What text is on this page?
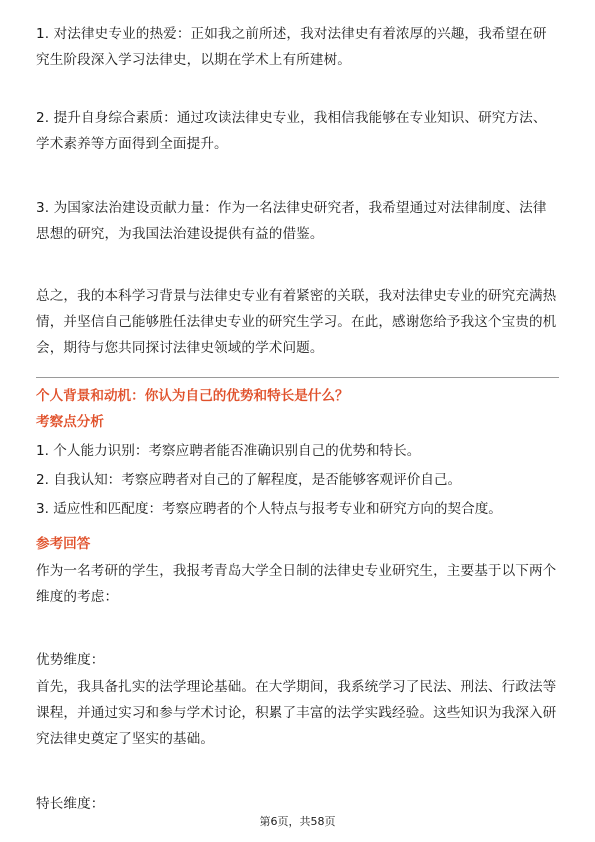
1. 对法律史专业的热爱：正如我之前所述，我对法律史有着浓厚的兴趣，我希望在研究生阶段深入学习法律史，以期在学术上有所建树。

2. 提升自身综合素质：通过攻读法律史专业，我相信我能够在专业知识、研究方法、学术素养等方面得到全面提升。

3. 为国家法治建设贡献力量：作为一名法律史研究者，我希望通过对法律制度、法律思想的研究，为我国法治建设提供有益的借鉴。

总之，我的本科学习背景与法律史专业有着紧密的关联，我对法律史专业的研究充满热情，并坚信自己能够胜任法律史专业的研究生学习。在此，感谢您给予我这个宝贵的机会，期待与您共同探讨法律史领域的学术问题。

个人背景和动机：你认为自己的优势和特长是什么？

考察点分析

1. 个人能力识别：考察应聘者能否准确识别自己的优势和特长。
2. 自我认知：考察应聘者对自己的了解程度，是否能够客观评价自己。
3. 适应性和匹配度：考察应聘者的个人特点与报考专业和研究方向的契合度。

参考回答

作为一名考研的学生，我报考青岛大学全日制的法律史专业研究生，主要基于以下两个维度的考虑：

优势维度：

首先，我具备扎实的法学理论基础。在大学期间，我系统学习了民法、刑法、行政法等课程，并通过实习和参与学术讨论，积累了丰富的法学实践经验。这些知识为我深入研究法律史奠定了坚实的基础。

特长维度：

第6页，共58页
